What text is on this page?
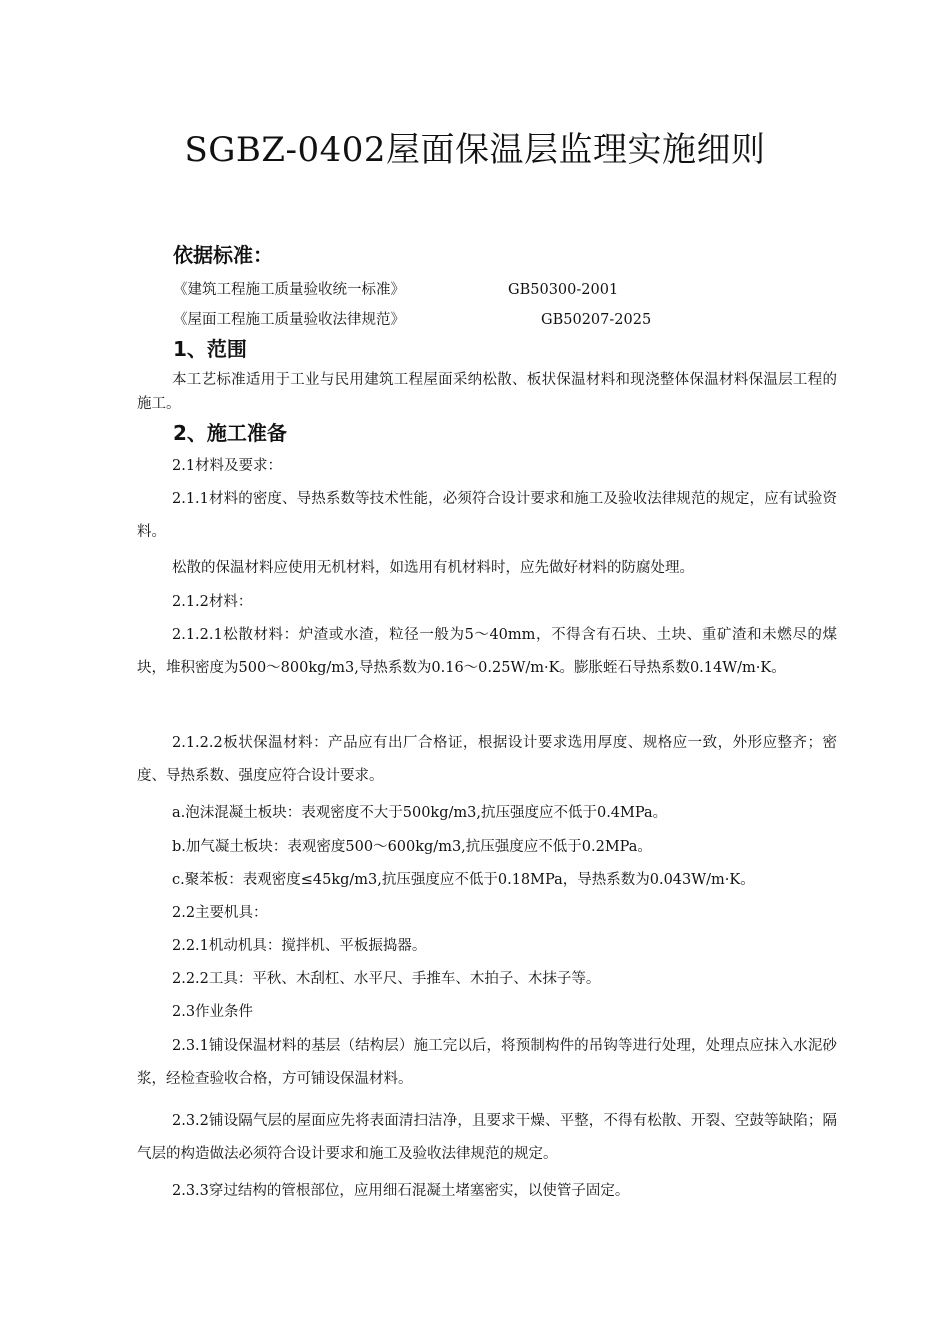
SGBZ-0402屋面保温层监理实施细则
依据标准：
《建筑工程施工质量验收统一标准》	GB50300-2001
《屋面工程施工质量验收法律规范》	GB50207-2025
1、范围
本工艺标准适用于工业与民用建筑工程屋面采纳松散、板状保温材料和现浇整体保温材料保温层工程的施工。
2、施工准备
2.1材料及要求：
2.1.1材料的密度、导热系数等技术性能，必须符合设计要求和施工及验收法律规范的规定，应有试验资料。
松散的保温材料应使用无机材料，如选用有机材料时，应先做好材料的防腐处理。
2.1.2材料：
2.1.2.1松散材料：炉渣或水渣，粒径一般为5～40mm，不得含有石块、土块、重矿渣和未燃尽的煤块，堆积密度为500～800kg/m3,导热系数为0.16～0.25W/m·K。膨胀蛭石导热系数0.14W/m·K。
2.1.2.2板状保温材料：产品应有出厂合格证，根据设计要求选用厚度、规格应一致，外形应整齐；密度、导热系数、强度应符合设计要求。
a.泡沫混凝土板块：表观密度不大于500kg/m3,抗压强度应不低于0.4MPa。
b.加气凝土板块：表观密度500～600kg/m3,抗压强度应不低于0.2MPa。
c.聚苯板：表观密度≤45kg/m3,抗压强度应不低于0.18MPa，导热系数为0.043W/m·K。
2.2主要机具：
2.2.1机动机具：搅拌机、平板振捣器。
2.2.2工具：平秋、木刮杠、水平尺、手推车、木拍子、木抹子等。
2.3作业条件
2.3.1铺设保温材料的基层（结构层）施工完以后，将预制构件的吊钩等进行处理，处理点应抹入水泥砂浆，经检查验收合格，方可铺设保温材料。
2.3.2铺设隔气层的屋面应先将表面清扫洁净，且要求干燥、平整，不得有松散、开裂、空鼓等缺陷；隔气层的构造做法必须符合设计要求和施工及验收法律规范的规定。
2.3.3穿过结构的管根部位，应用细石混凝土堵塞密实，以使管子固定。
